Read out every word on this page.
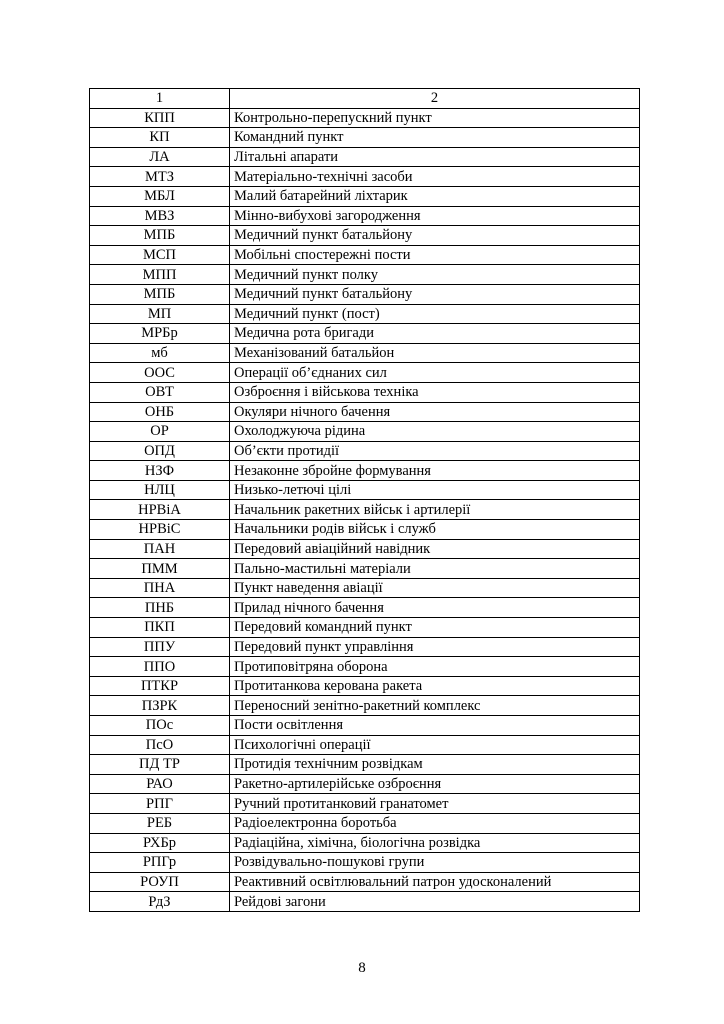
1	2
КПП	Контрольно-перепускний пункт
КП	Командний пункт
ЛА	Літальні апарати
МТЗ	Матеріально-технічні засоби
МБЛ	Малий батарейний ліхтарик
МВЗ	Мінно-вибухові загородження
МПБ	Медичний пункт батальйону
МСП	Мобільні спостережні пости
МПП	Медичний пункт полку
МПБ	Медичний пункт батальйону
МП	Медичний пункт (пост)
МРБр	Медична рота бригади
мб	Механізований батальйон
ООС	Операції об’єднаних сил
ОВТ	Озброєння і військова техніка
ОНБ	Окуляри нічного бачення
ОР	Охолоджуюча рідина
ОПД	Об’єкти протидії
НЗФ	Незаконне збройне формування
НЛЦ	Низько-летючі цілі
НРВіА	Начальник ракетних військ і артилерії
НРВіС	Начальники родів військ і служб
ПАН	Передовий авіаційний навідник
ПММ	Пально-мастильні матеріали
ПНА	Пункт наведення авіації
ПНБ	Прилад нічного бачення
ПКП	Передовий командний пункт
ППУ	Передовий пункт управління
ППО	Протиповітряна оборона
ПТКР	Протитанкова керована ракета
ПЗРК	Переносний зенітно-ракетний комплекс
ПОс	Пости освітлення
ПсО	Психологічні операції
ПД ТР	Протидія технічним розвідкам
РАО	Ракетно-артилерійське озброєння
РПГ	Ручний протитанковий гранатомет
РЕБ	Радіоелектронна боротьба
РХБр	Радіаційна, хімічна, біологічна розвідка
РПГр	Розвідувально-пошукові групи
РОУП	Реактивний освітлювальний патрон удосконалений
РдЗ	Рейдові загони
8
